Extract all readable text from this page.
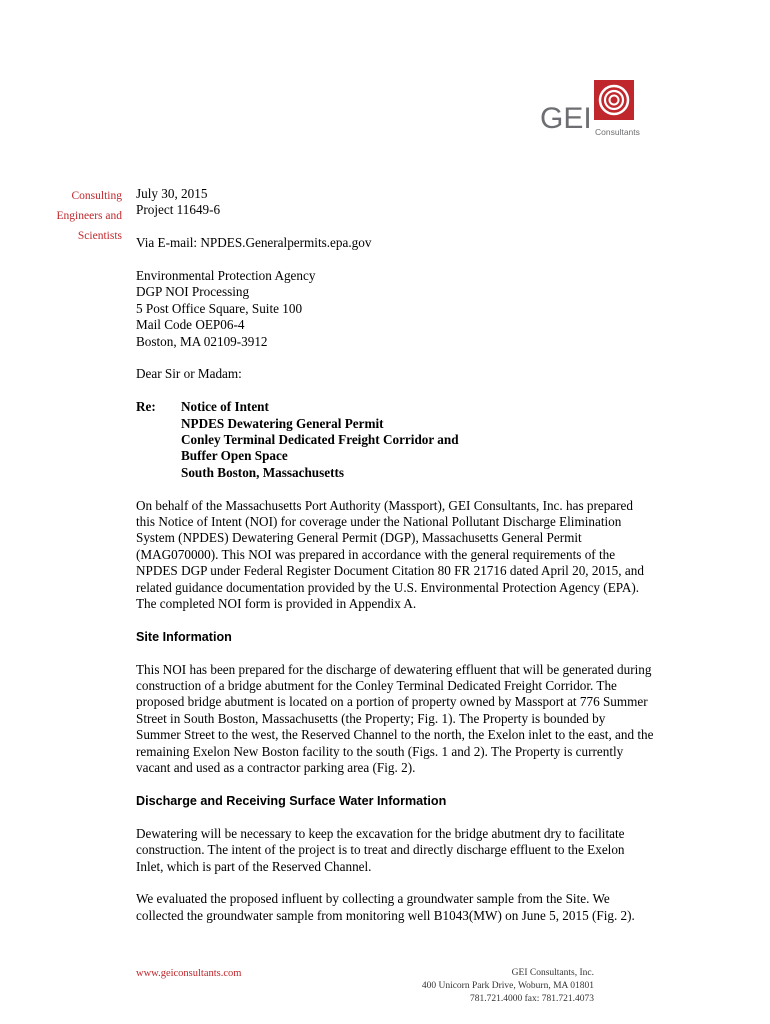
GEI Consultants
Consulting
Engineers and
Scientists
July 30, 2015
Project 11649-6
Via E-mail: NPDES.Generalpermits.epa.gov
Environmental Protection Agency
DGP NOI Processing
5 Post Office Square, Suite 100
Mail Code OEP06-4
Boston, MA 02109-3912
Dear Sir or Madam:
Re:	Notice of Intent
NPDES Dewatering General Permit
Conley Terminal Dedicated Freight Corridor and
Buffer Open Space
South Boston, Massachusetts
On behalf of the Massachusetts Port Authority (Massport), GEI Consultants, Inc. has prepared
this Notice of Intent (NOI) for coverage under the National Pollutant Discharge Elimination
System (NPDES) Dewatering General Permit (DGP), Massachusetts General Permit
(MAG070000). This NOI was prepared in accordance with the general requirements of the
NPDES DGP under Federal Register Document Citation 80 FR 21716 dated April 20, 2015, and
related guidance documentation provided by the U.S. Environmental Protection Agency (EPA).
The completed NOI form is provided in Appendix A.
Site Information
This NOI has been prepared for the discharge of dewatering effluent that will be generated during
construction of a bridge abutment for the Conley Terminal Dedicated Freight Corridor. The
proposed bridge abutment is located on a portion of property owned by Massport at 776 Summer
Street in South Boston, Massachusetts (the Property; Fig. 1). The Property is bounded by
Summer Street to the west, the Reserved Channel to the north, the Exelon inlet to the east, and the
remaining Exelon New Boston facility to the south (Figs. 1 and 2). The Property is currently
vacant and used as a contractor parking area (Fig. 2).
Discharge and Receiving Surface Water Information
Dewatering will be necessary to keep the excavation for the bridge abutment dry to facilitate
construction. The intent of the project is to treat and directly discharge effluent to the Exelon
Inlet, which is part of the Reserved Channel.
We evaluated the proposed influent by collecting a groundwater sample from the Site. We
collected the groundwater sample from monitoring well B1043(MW) on June 5, 2015 (Fig. 2).
www.geiconsultants.com	GEI Consultants, Inc.
400 Unicorn Park Drive, Woburn, MA 01801
781.721.4000 fax: 781.721.4073
